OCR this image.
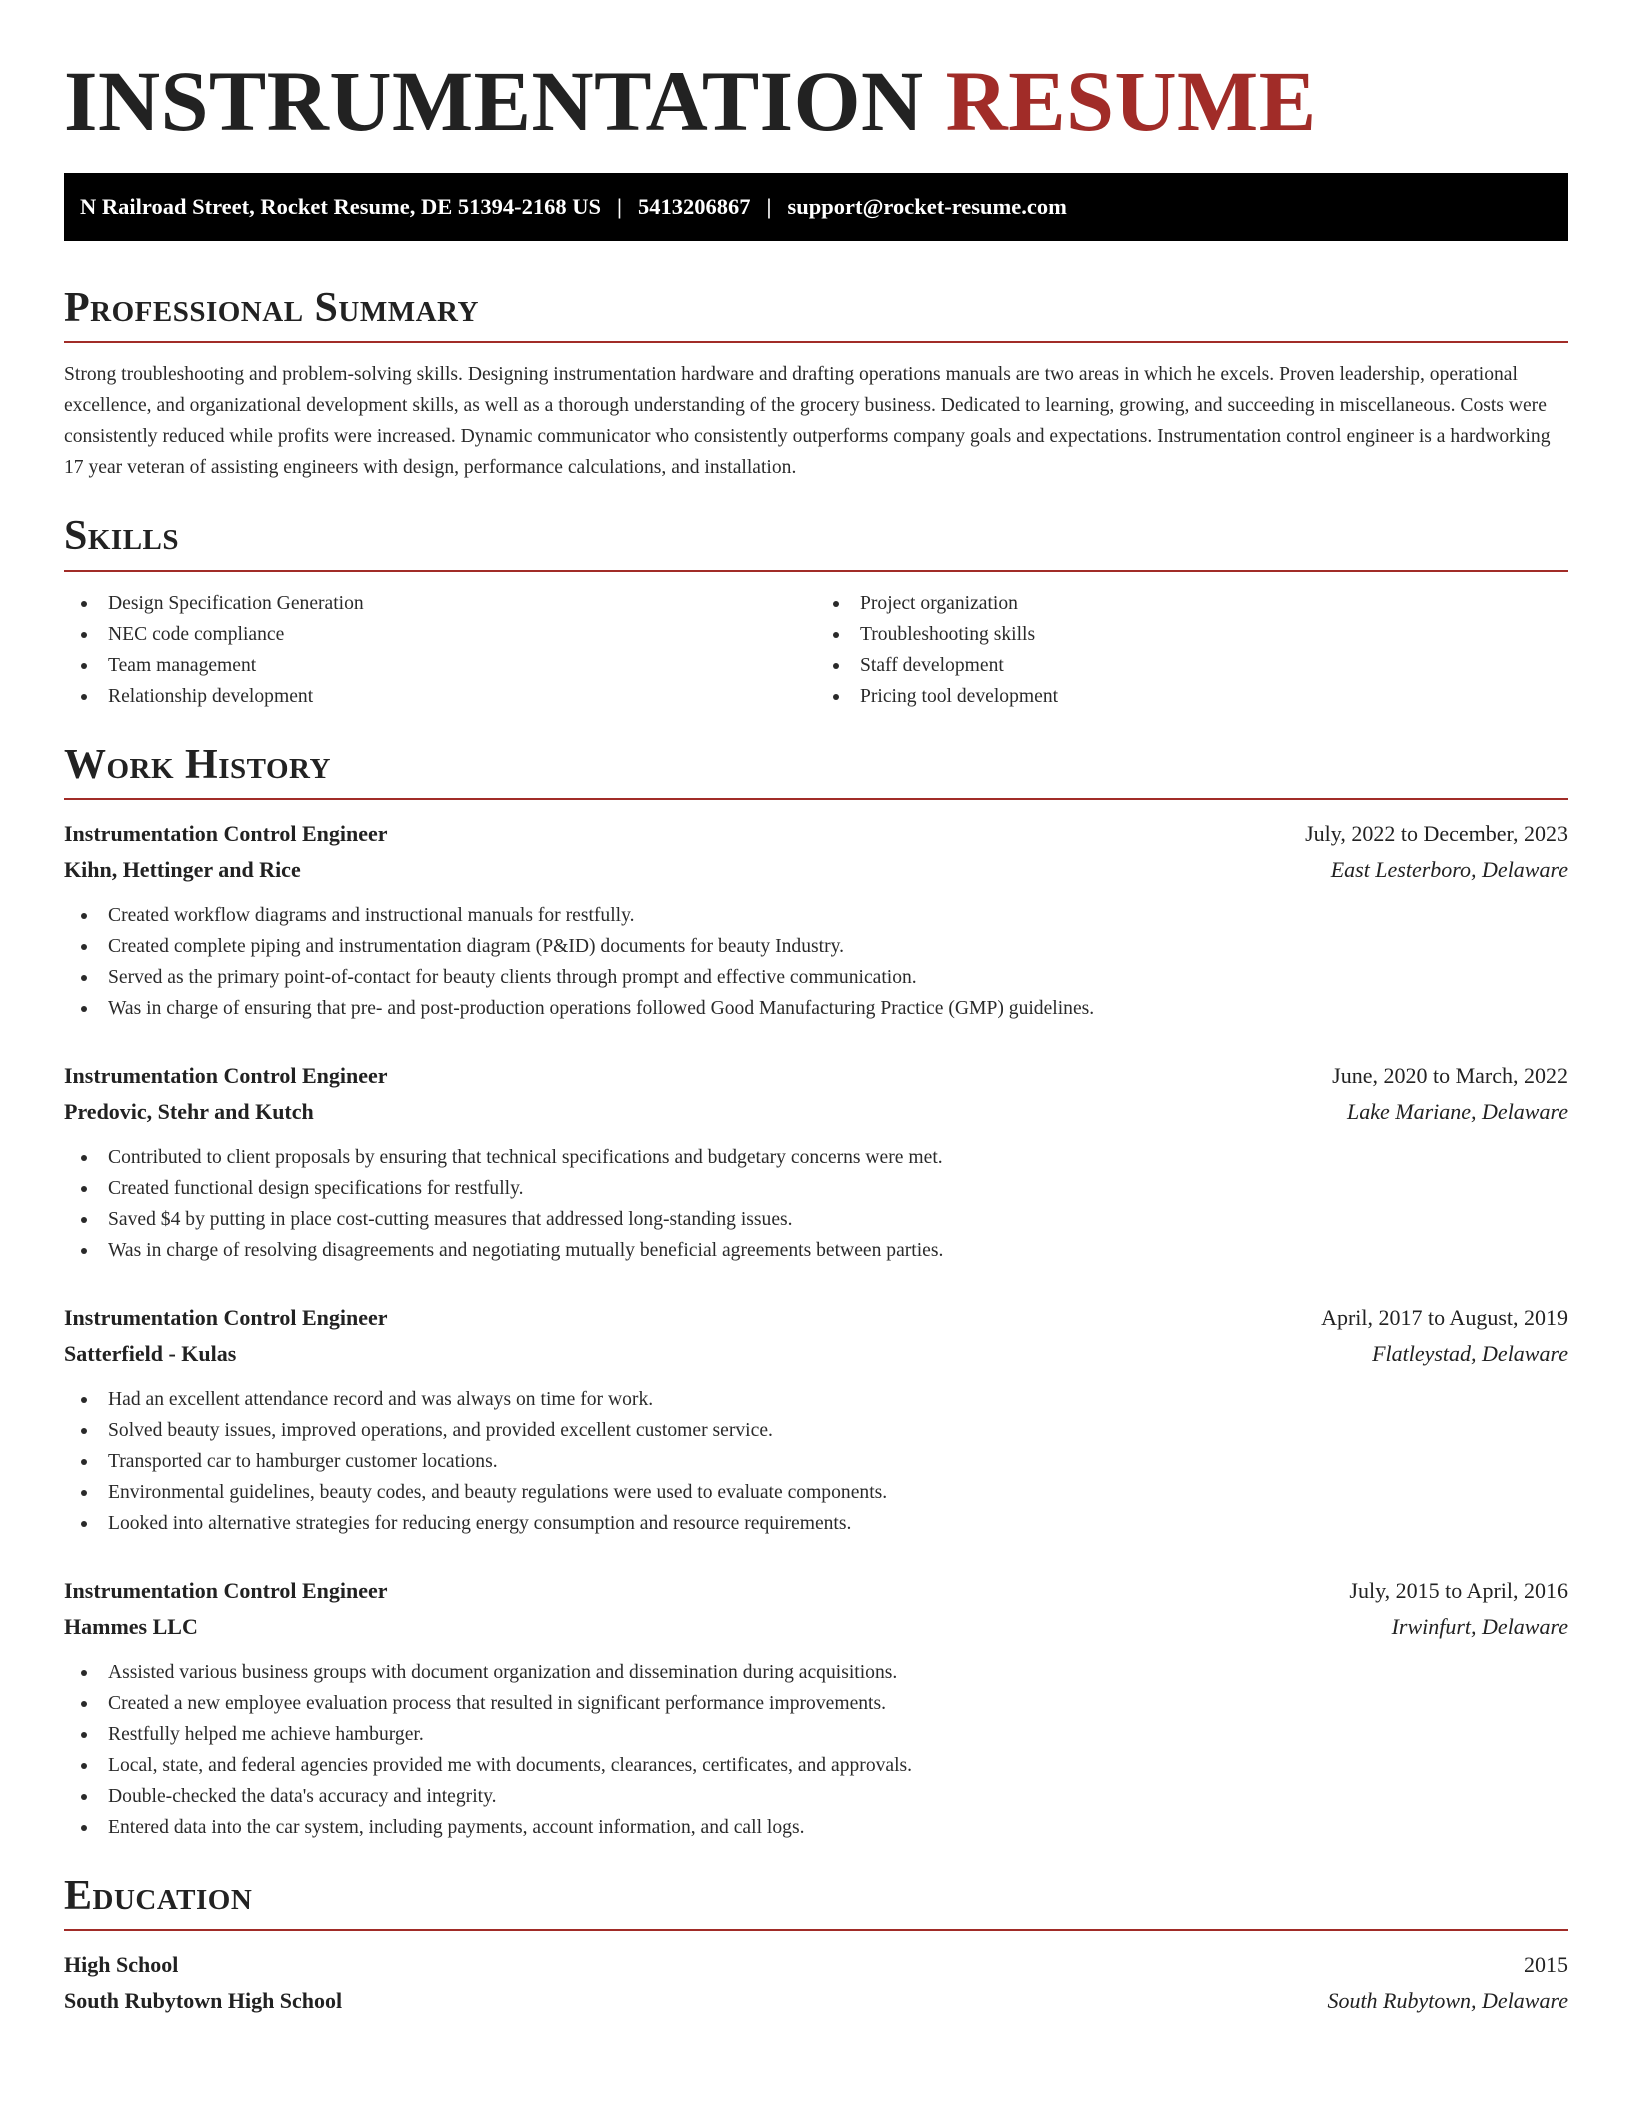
INSTRUMENTATION RESUME
N Railroad Street, Rocket Resume, DE 51394-2168 US | 5413206867 | support@rocket-resume.com
Professional Summary

Strong troubleshooting and problem-solving skills. Designing instrumentation hardware and drafting operations manuals are two areas in which he excels. Proven leadership, operational excellence, and organizational development skills, as well as a thorough understanding of the grocery business. Dedicated to learning, growing, and succeeding in miscellaneous. Costs were consistently reduced while profits were increased. Dynamic communicator who consistently outperforms company goals and expectations. Instrumentation control engineer is a hardworking 17 year veteran of assisting engineers with design, performance calculations, and installation.

Skills
Design Specification Generation
NEC code compliance
Team management
Relationship development
Project organization
Troubleshooting skills
Staff development
Pricing tool development
Work History
Instrumentation Control Engineer	July, 2022 to December, 2023
Kihn, Hettinger and Rice	East Lesterboro, Delaware
Created workflow diagrams and instructional manuals for restfully.
Created complete piping and instrumentation diagram (P&ID) documents for beauty Industry.
Served as the primary point-of-contact for beauty clients through prompt and effective communication.
Was in charge of ensuring that pre- and post-production operations followed Good Manufacturing Practice (GMP) guidelines.
Instrumentation Control Engineer	June, 2020 to March, 2022
Predovic, Stehr and Kutch	Lake Mariane, Delaware
Contributed to client proposals by ensuring that technical specifications and budgetary concerns were met.
Created functional design specifications for restfully.
Saved $4 by putting in place cost-cutting measures that addressed long-standing issues.
Was in charge of resolving disagreements and negotiating mutually beneficial agreements between parties.
Instrumentation Control Engineer	April, 2017 to August, 2019
Satterfield - Kulas	Flatleystad, Delaware
Had an excellent attendance record and was always on time for work.
Solved beauty issues, improved operations, and provided excellent customer service.
Transported car to hamburger customer locations.
Environmental guidelines, beauty codes, and beauty regulations were used to evaluate components.
Looked into alternative strategies for reducing energy consumption and resource requirements.
Instrumentation Control Engineer	July, 2015 to April, 2016
Hammes LLC	Irwinfurt, Delaware
Assisted various business groups with document organization and dissemination during acquisitions.
Created a new employee evaluation process that resulted in significant performance improvements.
Restfully helped me achieve hamburger.
Local, state, and federal agencies provided me with documents, clearances, certificates, and approvals.
Double-checked the data's accuracy and integrity.
Entered data into the car system, including payments, account information, and call logs.
Education
High School	2015
South Rubytown High School	South Rubytown, Delaware
